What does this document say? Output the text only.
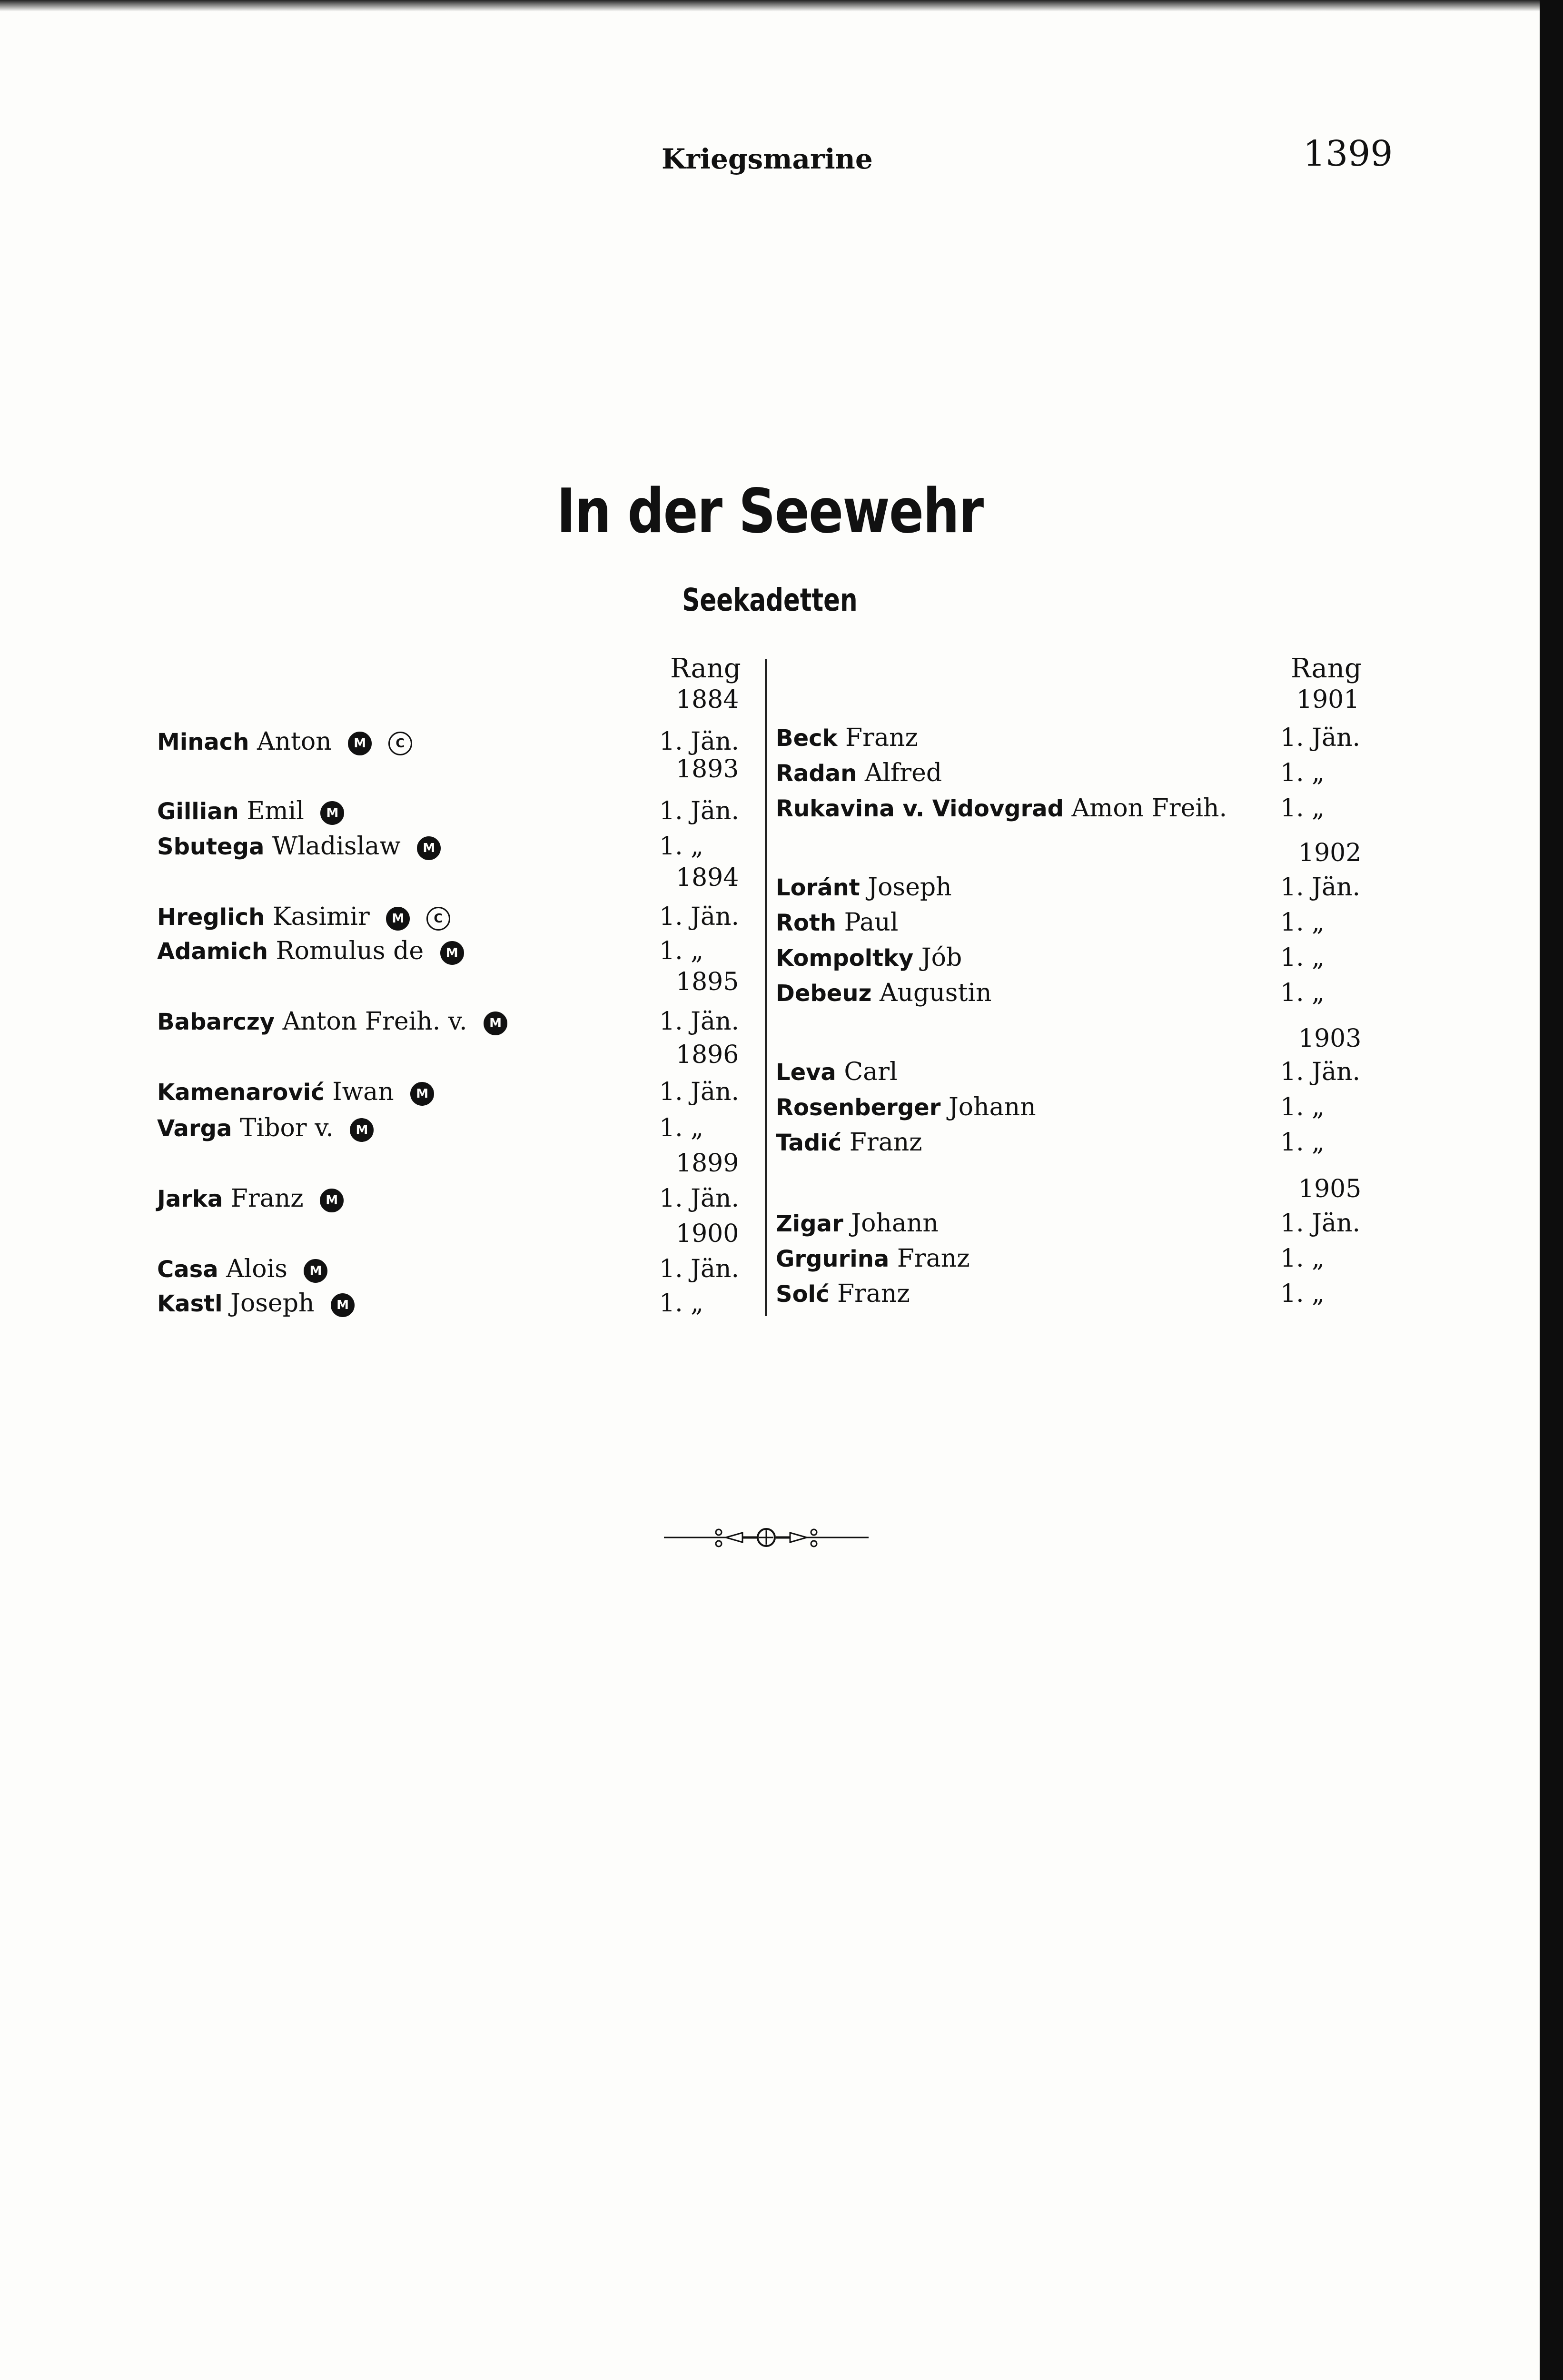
Kriegsmarine	1399
In der Seewehr
Seekadetten
Rang
1884
1893
1894
1895
1896
1899
1900
Minach Anton M C	1. Jän.
Gillian Emil M	1. Jän.
Sbutega Wladislaw M	1. „
Hreglich Kasimir M C	1. Jän.
Adamich Romulus de M	1. „
Babarczy Anton Freih. v. M	1. Jän.
Kamenarović Iwan M	1. Jän.
Varga Tibor v. M	1. „
Jarka Franz M	1. Jän.
Casa Alois M	1. Jän.
Kastl Joseph M	1. „
Rang
1901
1902
1903
1905
Beck Franz	1. Jän.
Radan Alfred	1. „
Rukavina v. Vidovgrad Amon Freih. 1. „
Loránt Joseph	1. Jän.
Roth Paul	1. „
Kompoltky Jób	1. „
Debeuz Augustin	1. „
Leva Carl	1. Jän.
Rosenberger Johann	1. „
Tadić Franz	1. „
Zigar Johann	1. Jän.
Grgurina Franz	1. „
Solć Franz	1. „
